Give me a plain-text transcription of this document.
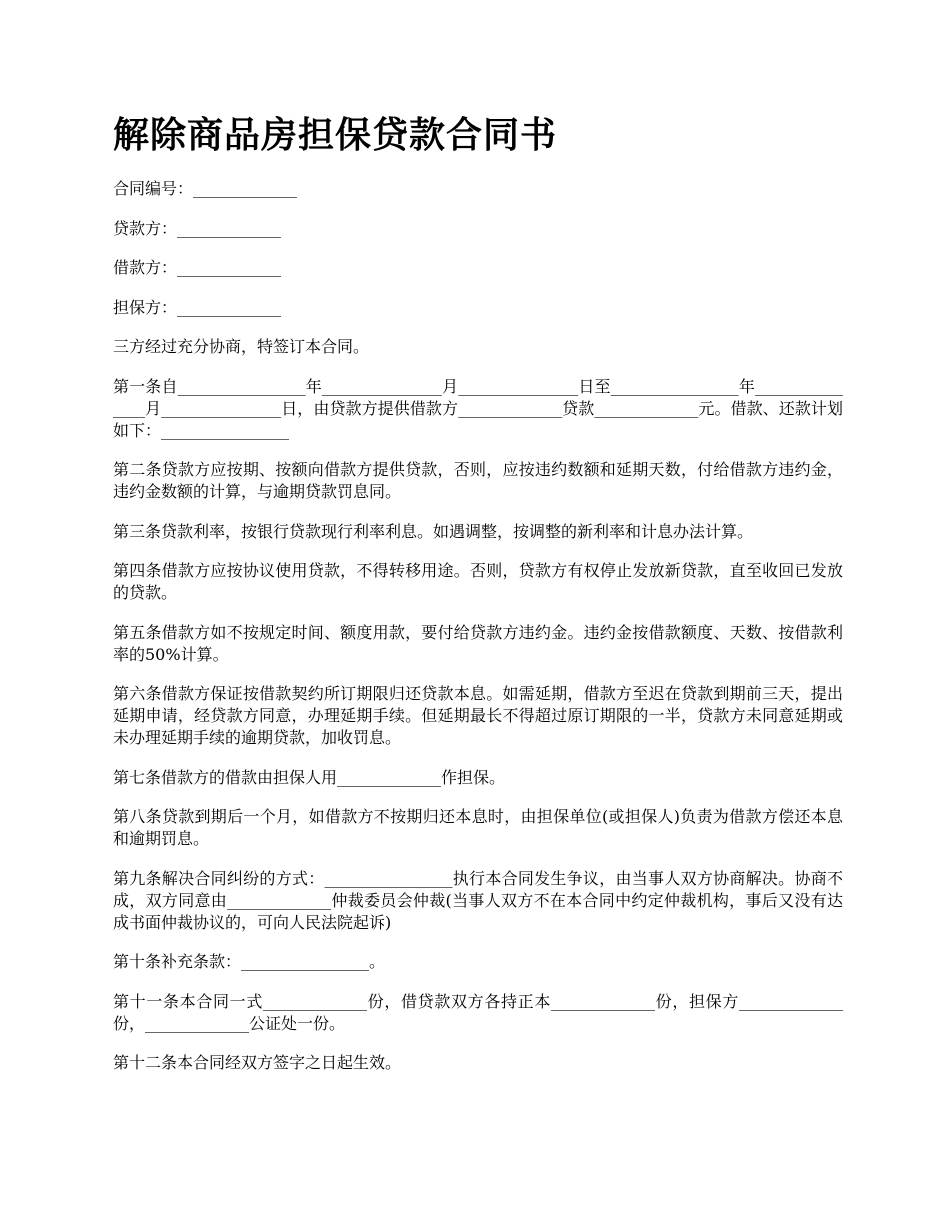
解除商品房担保贷款合同书

合同编号：_____________

贷款方：_____________

借款方：_____________

担保方：_____________

三方经过充分协商，特签订本合同。

第一条自________________年_______________月_______________日至________________年_______________月_______________日，由贷款方提供借款方_____________贷款_____________元。借款、还款计划如下：________________

第二条贷款方应按期、按额向借款方提供贷款，否则，应按违约数额和延期天数，付给借款方违约金，违约金数额的计算，与逾期贷款罚息同。

第三条贷款利率，按银行贷款现行利率利息。如遇调整，按调整的新利率和计息办法计算。

第四条借款方应按协议使用贷款，不得转移用途。否则，贷款方有权停止发放新贷款，直至收回已发放的贷款。

第五条借款方如不按规定时间、额度用款，要付给贷款方违约金。违约金按借款额度、天数、按借款利率的50%计算。

第六条借款方保证按借款契约所订期限归还贷款本息。如需延期，借款方至迟在贷款到期前三天，提出延期申请，经贷款方同意，办理延期手续。但延期最长不得超过原订期限的一半，贷款方未同意延期或未办理延期手续的逾期贷款，加收罚息。

第七条借款方的借款由担保人用_____________作担保。

第八条贷款到期后一个月，如借款方不按期归还本息时，由担保单位(或担保人)负责为借款方偿还本息和逾期罚息。

第九条解决合同纠纷的方式：________________执行本合同发生争议，由当事人双方协商解决。协商不成，双方同意由_____________仲裁委员会仲裁(当事人双方不在本合同中约定仲裁机构，事后又没有达成书面仲裁协议的，可向人民法院起诉)

第十条补充条款：________________。

第十一条本合同一式_____________份，借贷款双方各持正本_____________份，担保方_____________份，_____________公证处一份。

第十二条本合同经双方签字之日起生效。
